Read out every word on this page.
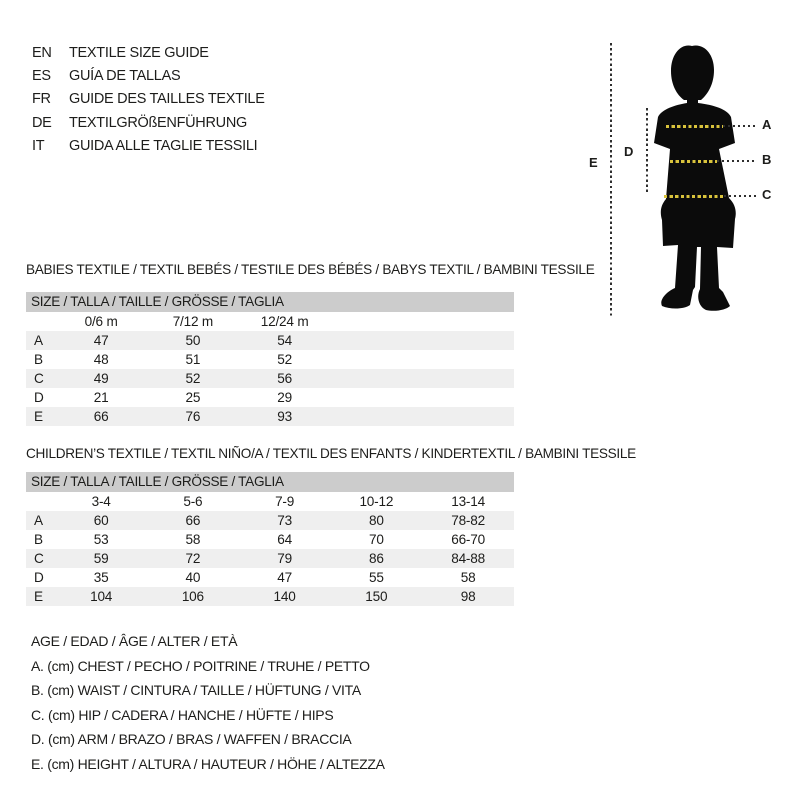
EN	TEXTILE SIZE GUIDE
ES	GUÍA DE TALLAS
FR	GUIDE DES TAILLES TEXTILE
DE	TEXTILGRÖßENFÜHRUNG
IT	GUIDA ALLE TAGLIE TESSILI
E
D
A
B
C
BABIES TEXTILE / TEXTIL BEBÉS / TESTILE DES BÉBÉS / BABYS TEXTIL / BAMBINI TESSILE
SIZE / TALLA / TAILLE / GRÖSSE / TAGLIA
	0/6 m	7/12 m	12/24 m		
A	47	50	54		
B	48	51	52		
C	49	52	56		
D	21	25	29		
E	66	76	93		
CHILDREN’S TEXTILE / TEXTIL NIÑO/A / TEXTIL DES ENFANTS / KINDERTEXTIL / BAMBINI TESSILE
SIZE / TALLA / TAILLE / GRÖSSE / TAGLIA
	3-4	5-6	7-9	10-12	13-14
A	60	66	73	80	78-82
B	53	58	64	70	66-70
C	59	72	79	86	84-88
D	35	40	47	55	58
E	104	106	140	150	98
AGE / EDAD / ÂGE / ALTER / ETÀ
A. (cm) CHEST / PECHO / POITRINE / TRUHE / PETTO
B. (cm) WAIST / CINTURA / TAILLE / HÜFTUNG / VITA
C. (cm) HIP / CADERA / HANCHE / HÜFTE / HIPS
D. (cm) ARM / BRAZO / BRAS / WAFFEN / BRACCIA
E. (cm) HEIGHT / ALTURA / HAUTEUR / HÖHE / ALTEZZA
